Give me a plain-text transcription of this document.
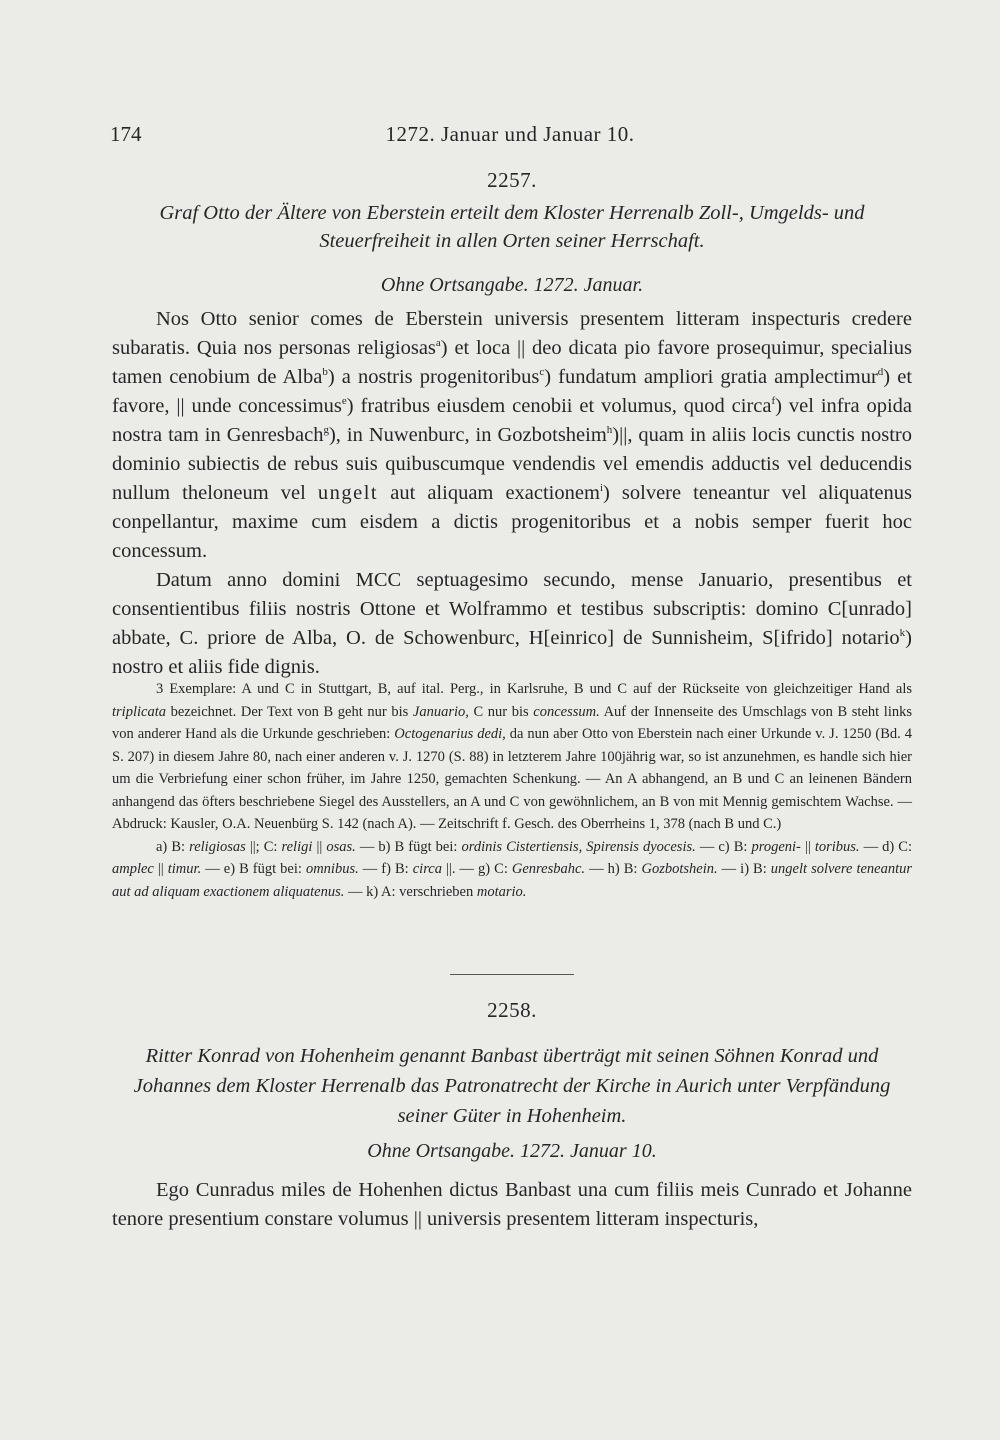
174	1272. Januar und Januar 10.
2257.
Graf Otto der Ältere von Eberstein erteilt dem Kloster Herrenalb Zoll-, Umgelds- und Steuerfreiheit in allen Orten seiner Herrschaft.
Ohne Ortsangabe. 1272. Januar.

Nos Otto senior comes de Eberstein universis presentem litteram inspecturis credere subaratis. Quia nos personas religiosas$^a$) et loca || deo dicata pio favore prosequimur, specialius tamen cenobium de Alba$^b$) a nostris progenitoribus$^c$) fundatum ampliori gratia amplectimur$^d$) et favore, || unde concessimus$^e$) fratribus eiusdem cenobii et volumus, quod circa$^f$) vel infra opida nostra tam in Genresbach$^g$), in Nuwenburc, in Gozbotsheim$^h$)||, quam in aliis locis cunctis nostro dominio subiectis de rebus suis quibuscumque vendendis vel emendis adductis vel deducendis nullum theloneum vel ungelt aut aliquam exactionem$^i$) solvere teneantur vel aliquatenus conpellantur, maxime cum eisdem a dictis progenitoribus et a nobis semper fuerit hoc concessum.

Datum anno domini MCC septuagesimo secundo, mense Januario, presentibus et consentientibus filiis nostris Ottone et Wolframmo et testibus subscriptis: domino C[unrado] abbate, C. priore de Alba, O. de Schowenburc, H[einrico] de Sunnisheim, S[ifrido] notario$^k$) nostro et aliis fide dignis.

3 Exemplare: A und C in Stuttgart, B, auf ital. Perg., in Karlsruhe, B und C auf der Rückseite von gleichzeitiger Hand als triplicata bezeichnet. Der Text von B geht nur bis Januario, C nur bis concessum. Auf der Innenseite des Umschlags von B steht links von anderer Hand als die Urkunde geschrieben: Octogenarius dedi, da nun aber Otto von Eberstein nach einer Urkunde v. J. 1250 (Bd. 4 S. 207) in diesem Jahre 80, nach einer anderen v. J. 1270 (S. 88) in letzterem Jahre 100jährig war, so ist anzunehmen, es handle sich hier um die Verbriefung einer schon früher, im Jahre 1250, gemachten Schenkung. — An A abhangend, an B und C an leinenen Bändern anhangend das öfters beschriebene Siegel des Ausstellers, an A und C von gewöhnlichem, an B von mit Mennig gemischtem Wachse. — Abdruck: Kausler, O.A. Neuenbürg S. 142 (nach A). — Zeitschrift f. Gesch. des Oberrheins 1, 378 (nach B und C.)

a) B: religiosas ||; C: religi || osas. — b) B fügt bei: ordinis Cistertiensis, Spirensis dyocesis. — c) B: progeni- || toribus. — d) C: amplec || timur. — e) B fügt bei: omnibus. — f) B: circa ||. — g) C: Genresbahc. — h) B: Gozbotshein. — i) B: ungelt solvere teneantur aut ad aliquam exactionem aliquatenus. — k) A: verschrieben motario.

2258.
Ritter Konrad von Hohenheim genannt Banbast überträgt mit seinen Söhnen Konrad und Johannes dem Kloster Herrenalb das Patronatrecht der Kirche in Aurich unter Verpfändung seiner Güter in Hohenheim.
Ohne Ortsangabe. 1272. Januar 10.

Ego Cunradus miles de Hohenhen dictus Banbast una cum filiis meis Cunrado et Johanne tenore presentium constare volumus || universis presentem litteram inspecturis,
